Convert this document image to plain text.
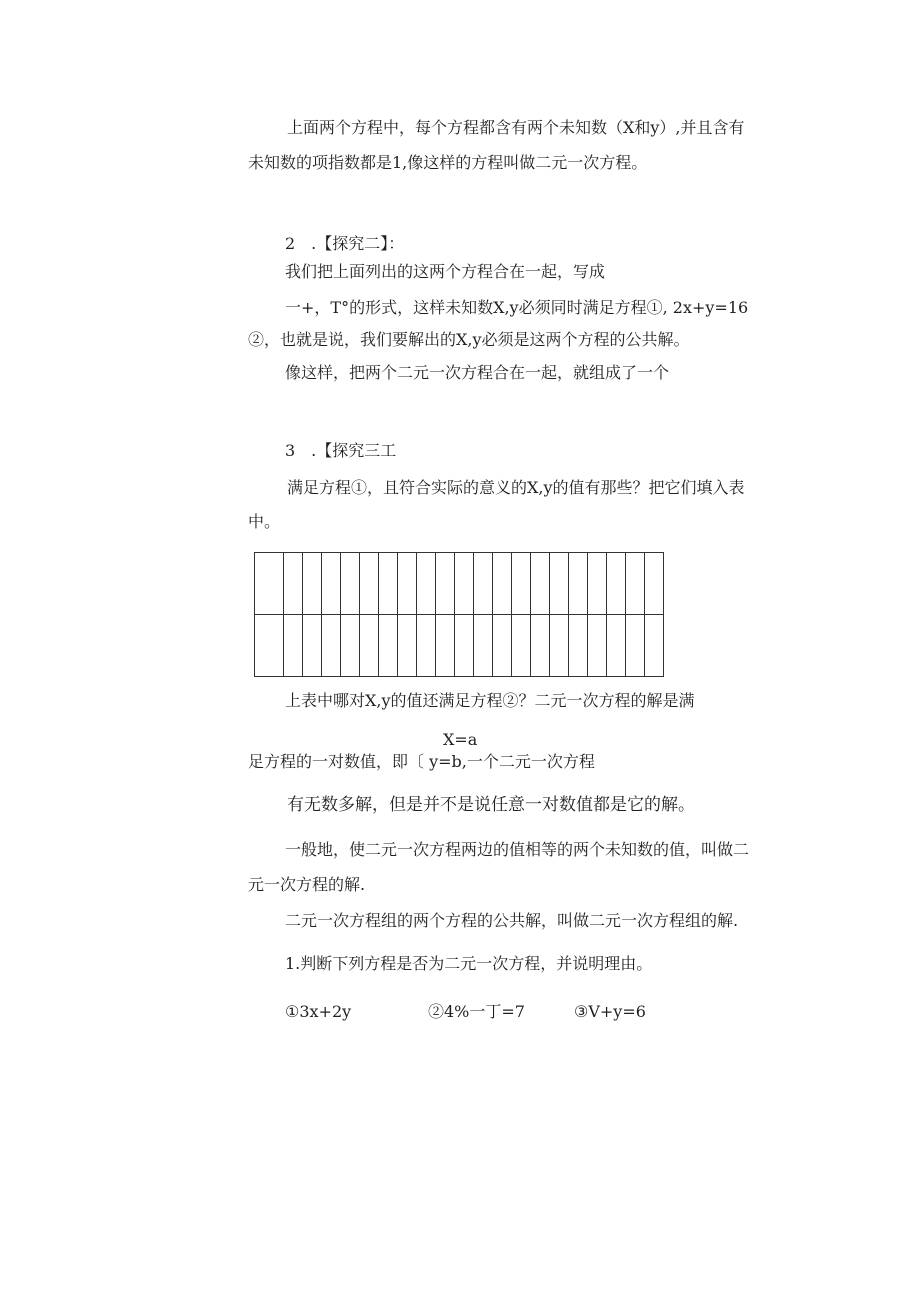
上面两个方程中，每个方程都含有两个未知数（X和y）,并且含有
未知数的项指数都是1,像这样的方程叫做二元一次方程。
2　.【探究二】：
我们把上面列出的这两个方程合在一起，写成
一+，T°的形式，这样未知数X,y必须同时满足方程①, 2x+y=16
②，也就是说，我们要解出的X,y必须是这两个方程的公共解。
像这样，把两个二元一次方程合在一起，就组成了一个
3　.【探究三工
满足方程①，且符合实际的意义的X,y的值有那些？把它们填入表
中。

上表中哪对X,y的值还满足方程②？二元一次方程的解是满
X=a
足方程的一对数值，即〔 y=b,一个二元一次方程
有无数多解，但是并不是说任意一对数值都是它的解。
一般地，使二元一次方程两边的值相等的两个未知数的值，叫做二
元一次方程的解.
二元一次方程组的两个方程的公共解，叫做二元一次方程组的解.
1.判断下列方程是否为二元一次方程，并说明理由。
①3x+2y	②4%一丁=7	③V+y=6
